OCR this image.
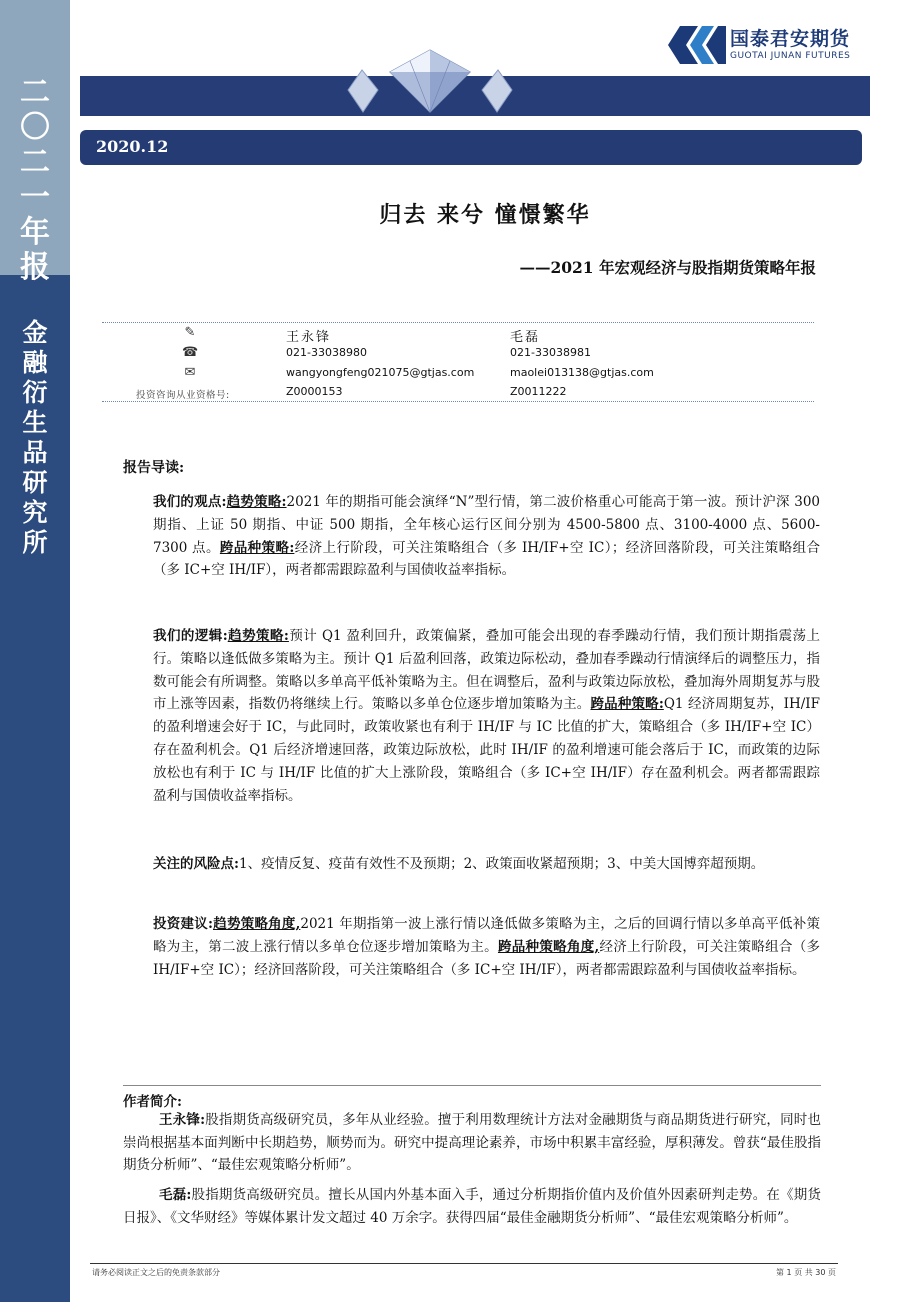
二
〇
二
一
年
报
金
融
衍
生
品
研
究
所
国泰君安期货
GUOTAI JUNAN FUTURES
2020.12
归去 来兮 憧憬繁华
——2021 年宏观经济与股指期货策略年报
✎	王永锋	毛磊
☎	021-33038980	021-33038981
✉	wangyongfeng021075@gtjas.com	maolei013138@gtjas.com
投资咨询从业资格号:	Z0000153	Z0011222
报告导读:
我们的观点:趋势策略:2021 年的期指可能会演绎“N”型行情，第二波价格重心可能高于第一波。预计沪深 300 期指、上证 50 期指、中证 500 期指，全年核心运行区间分别为 4500-5800 点、3100-4000 点、5600-7300 点。跨品种策略:经济上行阶段，可关注策略组合（多 IH/IF+空 IC）；经济回落阶段，可关注策略组合（多 IC+空 IH/IF），两者都需跟踪盈利与国债收益率指标。
我们的逻辑:趋势策略:预计 Q1 盈利回升，政策偏紧，叠加可能会出现的春季躁动行情，我们预计期指震荡上行。策略以逢低做多策略为主。预计 Q1 后盈利回落，政策边际松动，叠加春季躁动行情演绎后的调整压力，指数可能会有所调整。策略以多单高平低补策略为主。但在调整后，盈利与政策边际放松，叠加海外周期复苏与股市上涨等因素，指数仍将继续上行。策略以多单仓位逐步增加策略为主。跨品种策略:Q1 经济周期复苏，IH/IF 的盈利增速会好于 IC，与此同时，政策收紧也有利于 IH/IF 与 IC 比值的扩大，策略组合（多 IH/IF+空 IC）存在盈利机会。Q1 后经济增速回落，政策边际放松，此时 IH/IF 的盈利增速可能会落后于 IC，而政策的边际放松也有利于 IC 与 IH/IF 比值的扩大上涨阶段，策略组合（多 IC+空 IH/IF）存在盈利机会。两者都需跟踪盈利与国债收益率指标。
关注的风险点:1、疫情反复、疫苗有效性不及预期；2、政策面收紧超预期；3、中美大国博弈超预期。
投资建议:趋势策略角度,2021 年期指第一波上涨行情以逢低做多策略为主，之后的回调行情以多单高平低补策略为主，第二波上涨行情以多单仓位逐步增加策略为主。跨品种策略角度,经济上行阶段，可关注策略组合（多 IH/IF+空 IC）；经济回落阶段，可关注策略组合（多 IC+空 IH/IF），两者都需跟踪盈利与国债收益率指标。
作者简介:
王永锋:股指期货高级研究员，多年从业经验。擅于利用数理统计方法对金融期货与商品期货进行研究，同时也崇尚根据基本面判断中长期趋势，顺势而为。研究中提高理论素养，市场中积累丰富经验，厚积薄发。曾获“最佳股指期货分析师”、“最佳宏观策略分析师”。
毛磊:股指期货高级研究员。擅长从国内外基本面入手，通过分析期指价值内及价值外因素研判走势。在《期货日报》、《文华财经》等媒体累计发文超过 40 万余字。获得四届“最佳金融期货分析师”、“最佳宏观策略分析师”。
请务必阅读正文之后的免责条款部分	第 1 页 共 30 页
